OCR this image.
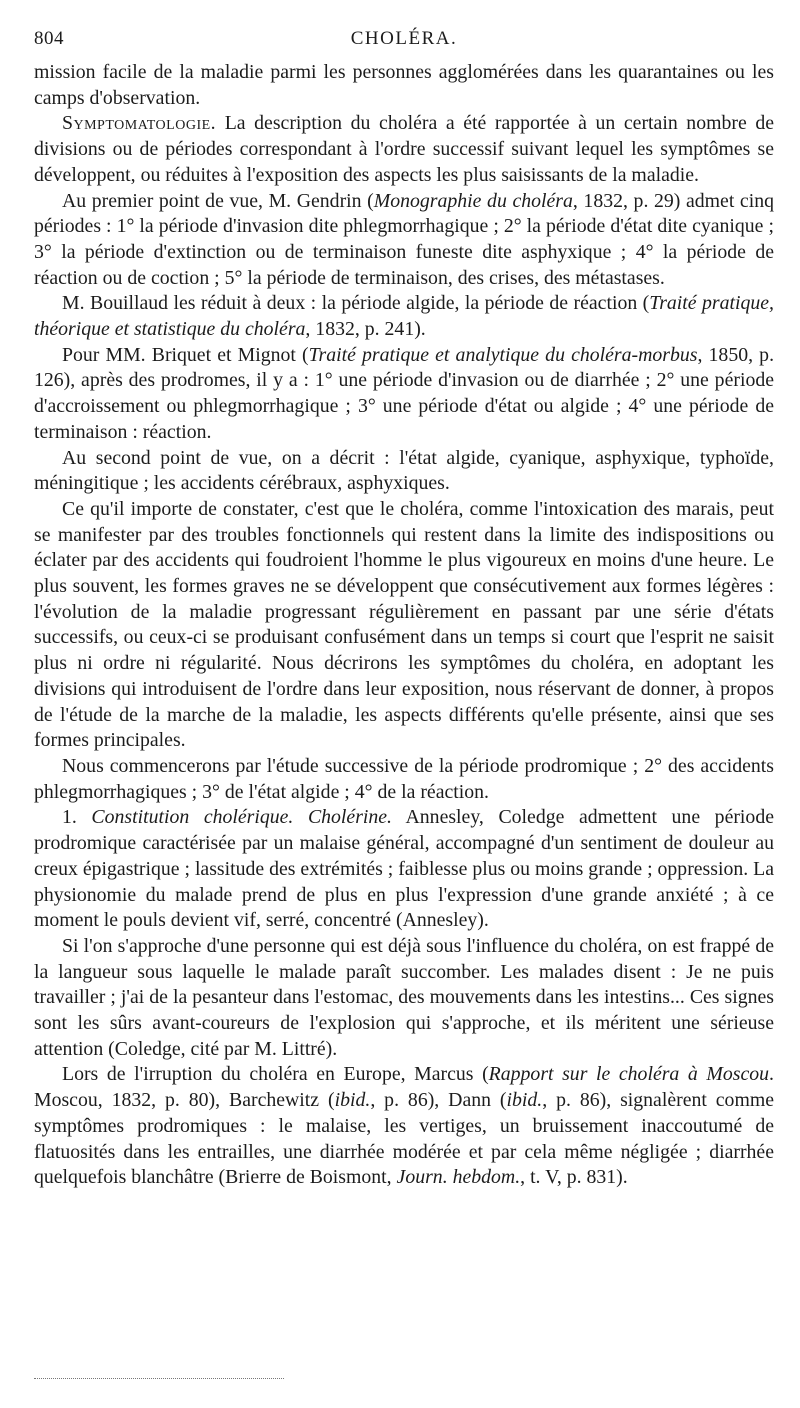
804	CHOLÉRA.

mission facile de la maladie parmi les personnes agglomérées dans les quarantaines ou les camps d'observation.

Symptomatologie. La description du choléra a été rapportée à un certain nombre de divisions ou de périodes correspondant à l'ordre successif suivant lequel les symptômes se développent, ou réduites à l'exposition des aspects les plus saisissants de la maladie.

Au premier point de vue, M. Gendrin (Monographie du choléra, 1832, p. 29) admet cinq périodes : 1° la période d'invasion dite phlegmorrhagique ; 2° la période d'état dite cyanique ; 3° la période d'extinction ou de terminaison funeste dite asphyxique ; 4° la période de réaction ou de coction ; 5° la période de terminaison, des crises, des métastases.

M. Bouillaud les réduit à deux : la période algide, la période de réaction (Traité pratique, théorique et statistique du choléra, 1832, p. 241).

Pour MM. Briquet et Mignot (Traité pratique et analytique du choléra-morbus, 1850, p. 126), après des prodromes, il y a : 1° une période d'invasion ou de diarrhée ; 2° une période d'accroissement ou phlegmorrhagique ; 3° une période d'état ou algide ; 4° une période de terminaison : réaction.

Au second point de vue, on a décrit : l'état algide, cyanique, asphyxique, typhoïde, méningitique ; les accidents cérébraux, asphyxiques.

Ce qu'il importe de constater, c'est que le choléra, comme l'intoxication des marais, peut se manifester par des troubles fonctionnels qui restent dans la limite des indispositions ou éclater par des accidents qui foudroient l'homme le plus vigoureux en moins d'une heure. Le plus souvent, les formes graves ne se développent que consécutivement aux formes légères : l'évolution de la maladie progressant régulièrement en passant par une série d'états successifs, ou ceux-ci se produisant confusément dans un temps si court que l'esprit ne saisit plus ni ordre ni régularité. Nous décrirons les symptômes du choléra, en adoptant les divisions qui introduisent de l'ordre dans leur exposition, nous réservant de donner, à propos de l'étude de la marche de la maladie, les aspects différents qu'elle présente, ainsi que ses formes principales.

Nous commencerons par l'étude successive de la période prodromique ; 2° des accidents phlegmorrhagiques ; 3° de l'état algide ; 4° de la réaction.

1. Constitution cholérique. Cholérine. Annesley, Coledge admettent une période prodromique caractérisée par un malaise général, accompagné d'un sentiment de douleur au creux épigastrique ; lassitude des extrémités ; faiblesse plus ou moins grande ; oppression. La physionomie du malade prend de plus en plus l'expression d'une grande anxiété ; à ce moment le pouls devient vif, serré, concentré (Annesley).

Si l'on s'approche d'une personne qui est déjà sous l'influence du choléra, on est frappé de la langueur sous laquelle le malade paraît succomber. Les malades disent : Je ne puis travailler ; j'ai de la pesanteur dans l'estomac, des mouvements dans les intestins... Ces signes sont les sûrs avant-coureurs de l'explosion qui s'approche, et ils méritent une sérieuse attention (Coledge, cité par M. Littré).

Lors de l'irruption du choléra en Europe, Marcus (Rapport sur le choléra à Moscou. Moscou, 1832, p. 80), Barchewitz (ibid., p. 86), Dann (ibid., p. 86), signalèrent comme symptômes prodromiques : le malaise, les vertiges, un bruissement inaccoutumé de flatuosités dans les entrailles, une diarrhée modérée et par cela même négligée ; diarrhée quelquefois blanchâtre (Brierre de Boismont, Journ. hebdom., t. V, p. 831).
